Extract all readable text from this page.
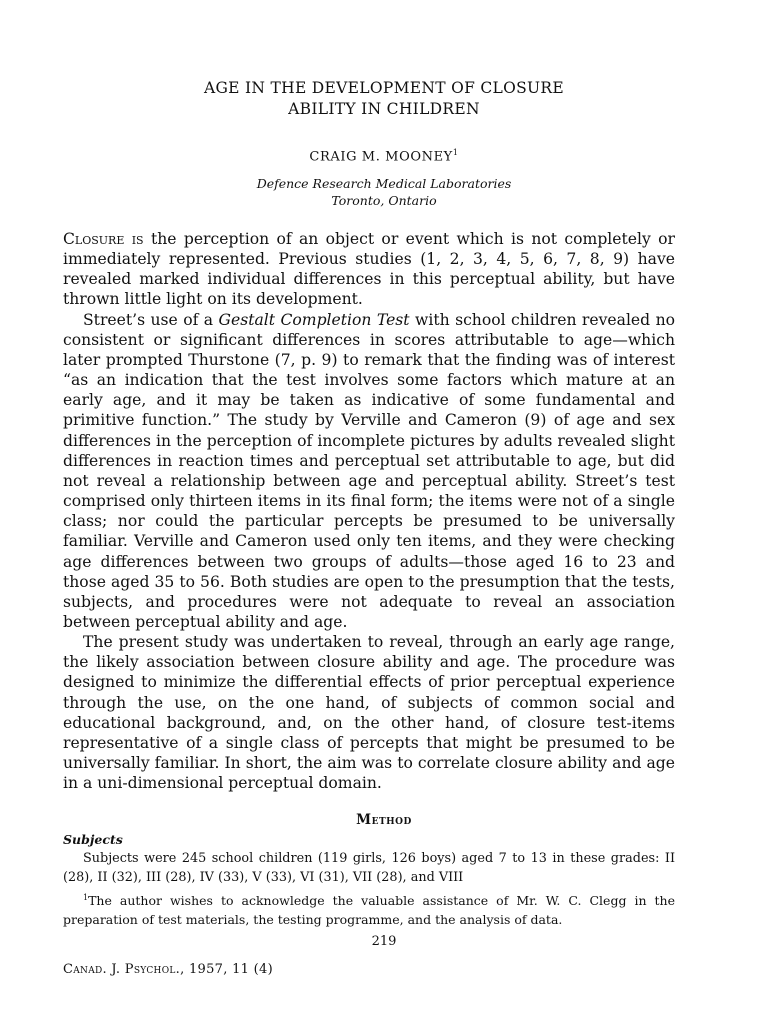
AGE IN THE DEVELOPMENT OF CLOSURE
ABILITY IN CHILDREN
CRAIG M. MOONEY$^1$
Defence Research Medical Laboratories
Toronto, Ontario

Closure is the perception of an object or event which is not completely or immediately represented. Previous studies (1, 2, 3, 4, 5, 6, 7, 8, 9) have revealed marked individual differences in this perceptual ability, but have thrown little light on its development.

Street’s use of a Gestalt Completion Test with school children revealed no consistent or significant differences in scores attributable to age—which later prompted Thurstone (7, p. 9) to remark that the finding was of interest “as an indication that the test involves some factors which mature at an early age, and it may be taken as indicative of some fundamental and primitive function.” The study by Verville and Cameron (9) of age and sex differences in the perception of incomplete pictures by adults revealed slight differences in reaction times and perceptual set attributable to age, but did not reveal a relationship between age and perceptual ability. Street’s test comprised only thirteen items in its final form; the items were not of a single class; nor could the particular percepts be presumed to be universally familiar. Verville and Cameron used only ten items, and they were checking age differences between two groups of adults—those aged 16 to 23 and those aged 35 to 56. Both studies are open to the presumption that the tests, subjects, and procedures were not adequate to reveal an association between perceptual ability and age.

The present study was undertaken to reveal, through an early age range, the likely association between closure ability and age. The procedure was designed to minimize the differential effects of prior perceptual experience through the use, on the one hand, of subjects of common social and educational background, and, on the other hand, of closure test-items representative of a single class of percepts that might be presumed to be universally familiar. In short, the aim was to correlate closure ability and age in a uni-dimensional perceptual domain.

Method
Subjects

Subjects were 245 school children (119 girls, 126 boys) aged 7 to 13 in these grades: II (28), II (32), III (28), IV (33), V (33), VI (31), VII (28), and VIII

$^1$The author wishes to acknowledge the valuable assistance of Mr. W. C. Clegg in the preparation of test materials, the testing programme, and the analysis of data.

219
Canad. J. Psychol., 1957, 11 (4)
